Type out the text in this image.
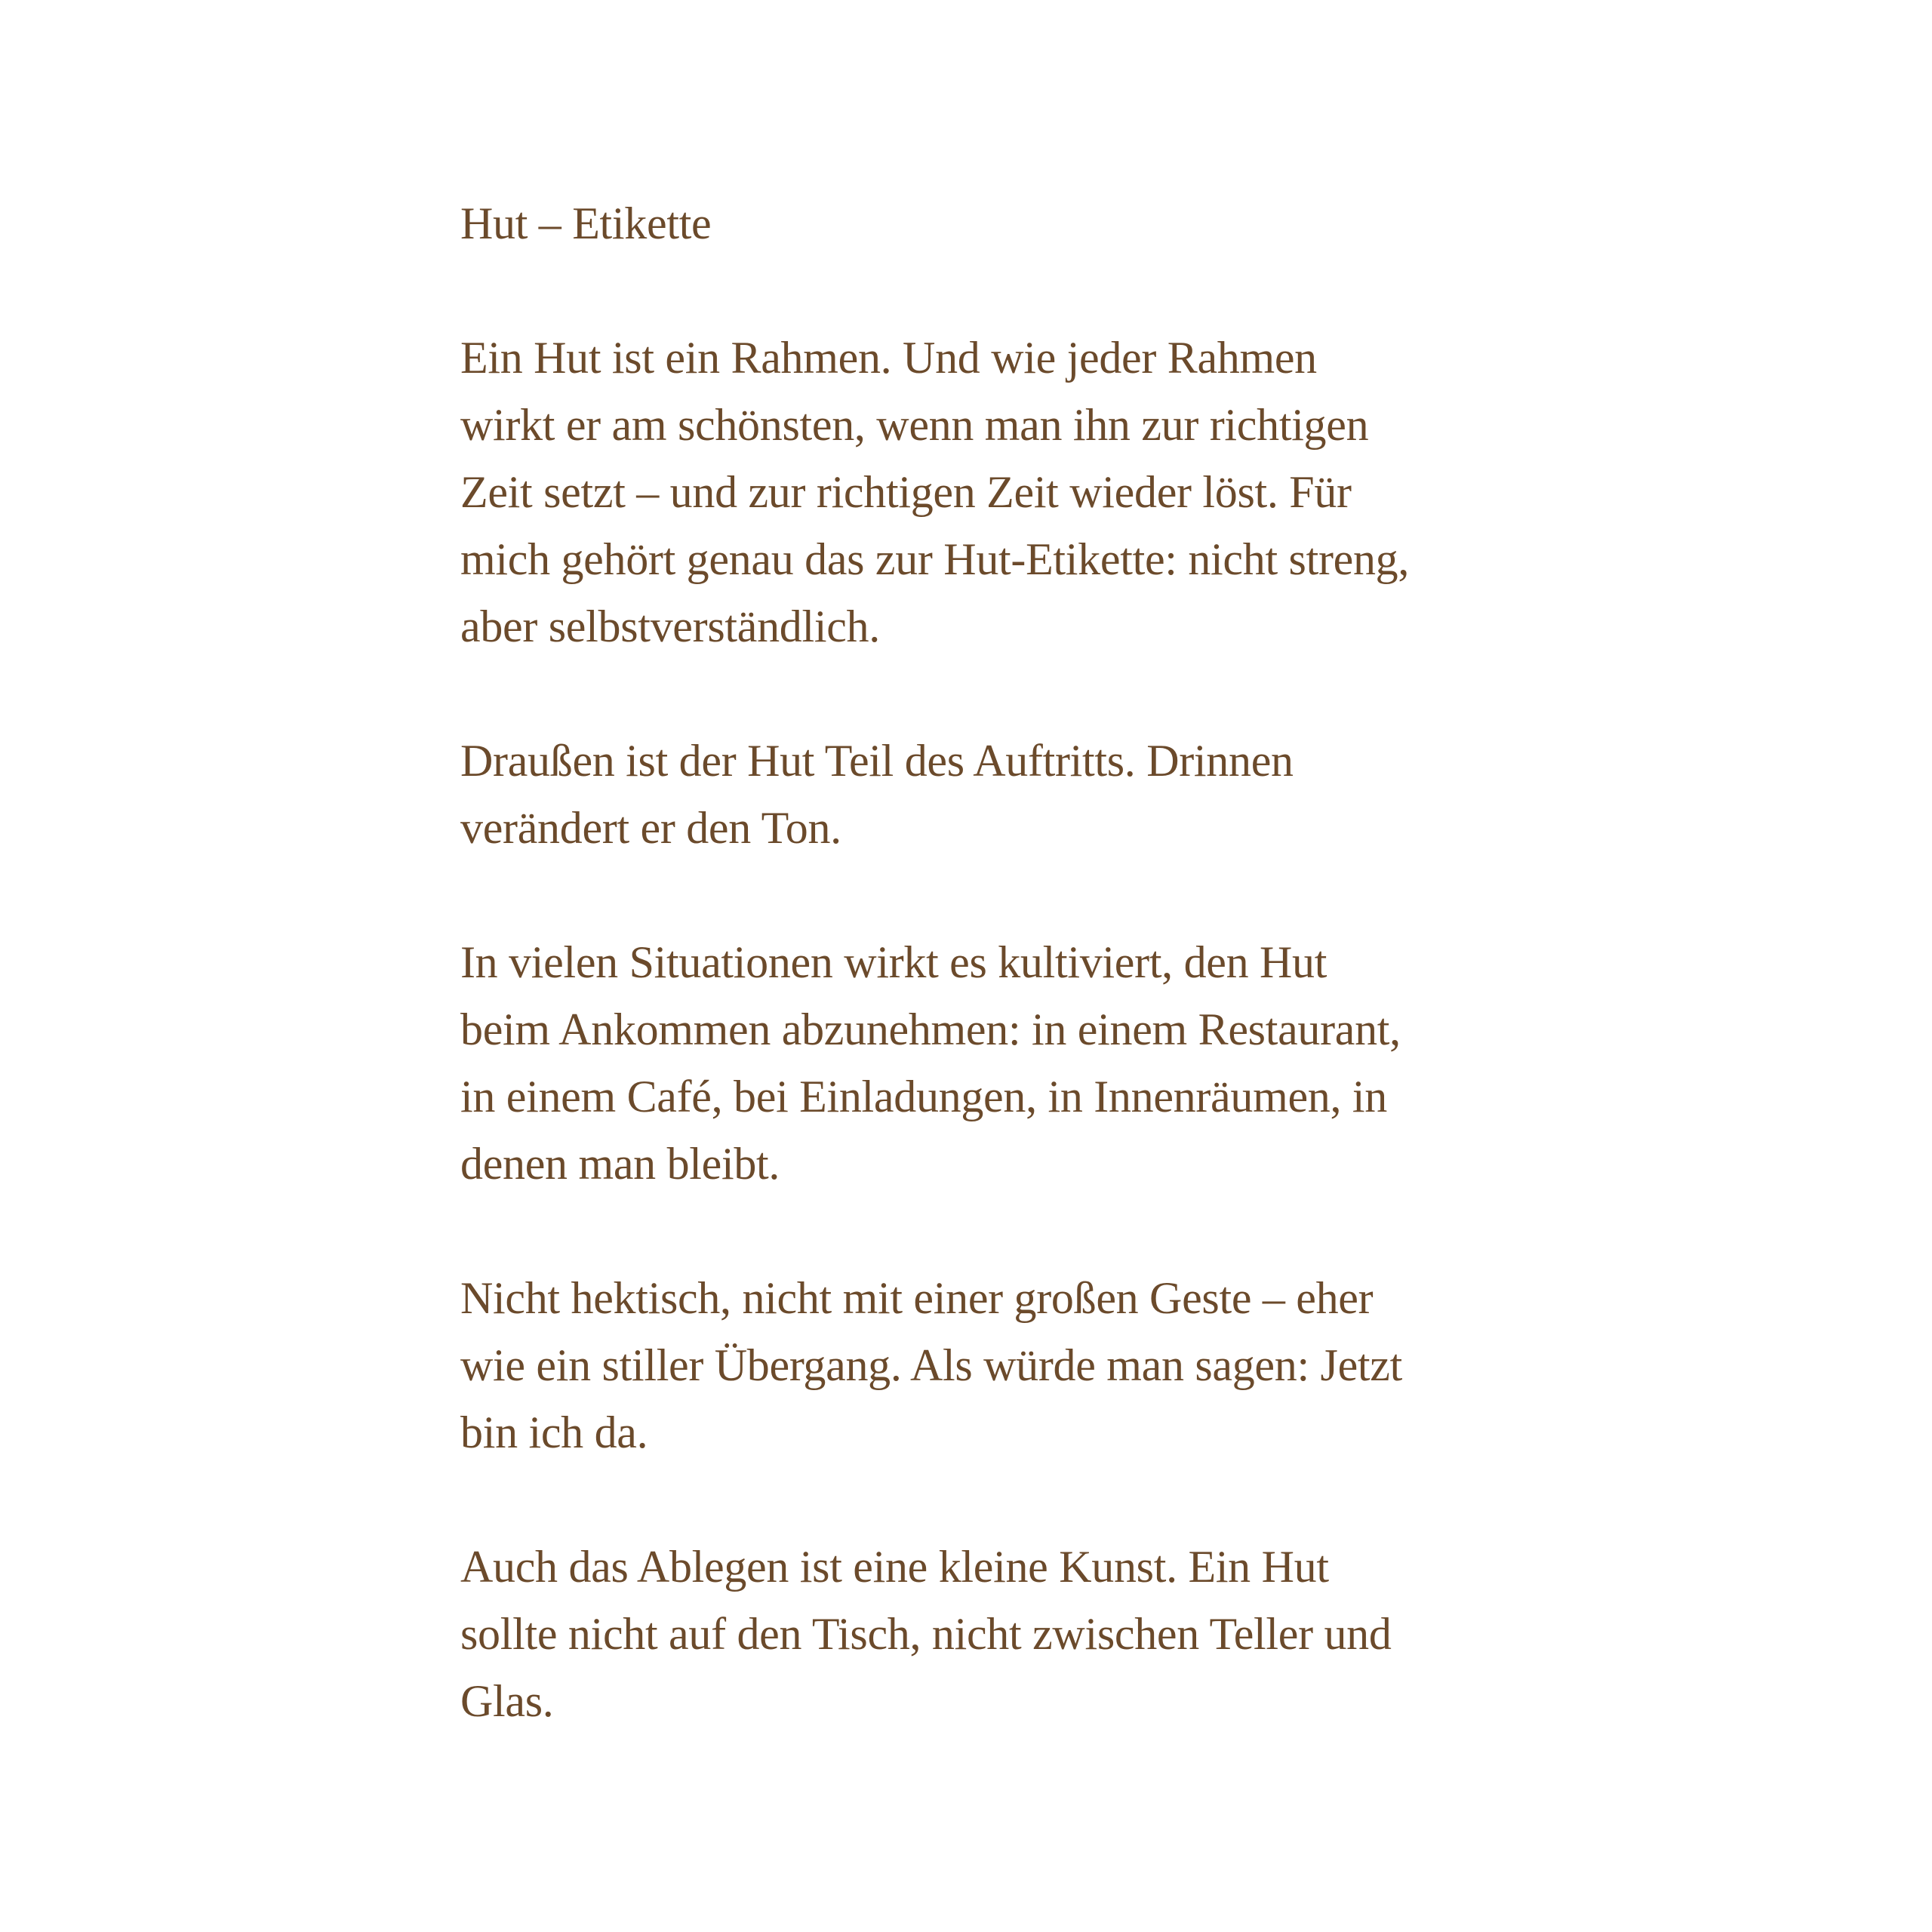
Hut – Etikette

Ein Hut ist ein Rahmen. Und wie jeder Rahmen
wirkt er am schönsten, wenn man ihn zur richtigen
Zeit setzt – und zur richtigen Zeit wieder löst. Für
mich gehört genau das zur Hut-Etikette: nicht streng,
aber selbstverständlich.

Draußen ist der Hut Teil des Auftritts. Drinnen
verändert er den Ton.

In vielen Situationen wirkt es kultiviert, den Hut
beim Ankommen abzunehmen: in einem Restaurant,
in einem Café, bei Einladungen, in Innenräumen, in
denen man bleibt.

Nicht hektisch, nicht mit einer großen Geste – eher
wie ein stiller Übergang. Als würde man sagen: Jetzt
bin ich da.

Auch das Ablegen ist eine kleine Kunst. Ein Hut
sollte nicht auf den Tisch, nicht zwischen Teller und
Glas.
